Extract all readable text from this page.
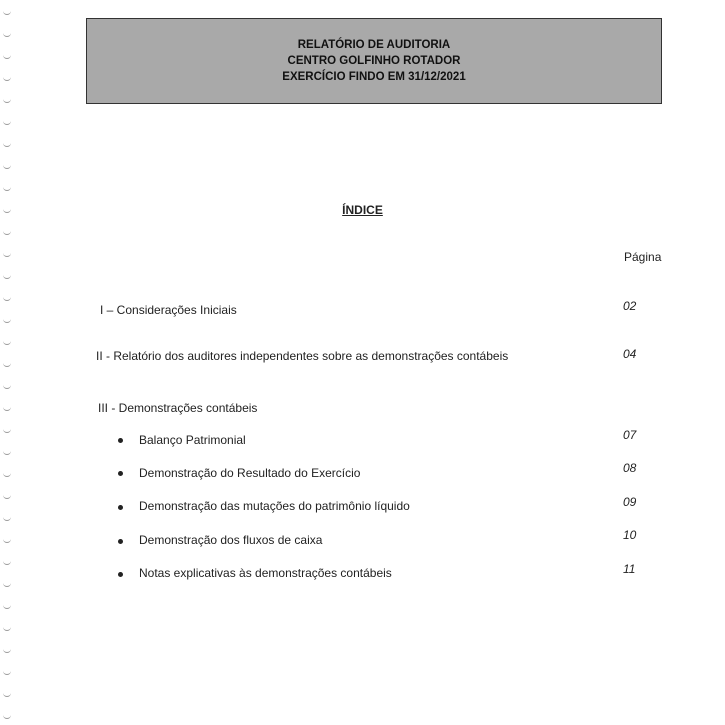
RELATÓRIO DE AUDITORIA
CENTRO GOLFINHO ROTADOR
EXERCÍCIO FINDO EM 31/12/2021
ÍNDICE
Página
I – Considerações Iniciais	02
II - Relatório dos auditores independentes sobre as demonstrações contábeis	04
III - Demonstrações contábeis
Balanço Patrimonial	07
Demonstração do Resultado do Exercício	08
Demonstração das mutações do patrimônio líquido	09
Demonstração dos fluxos de caixa	10
Notas explicativas às demonstrações contábeis	11
